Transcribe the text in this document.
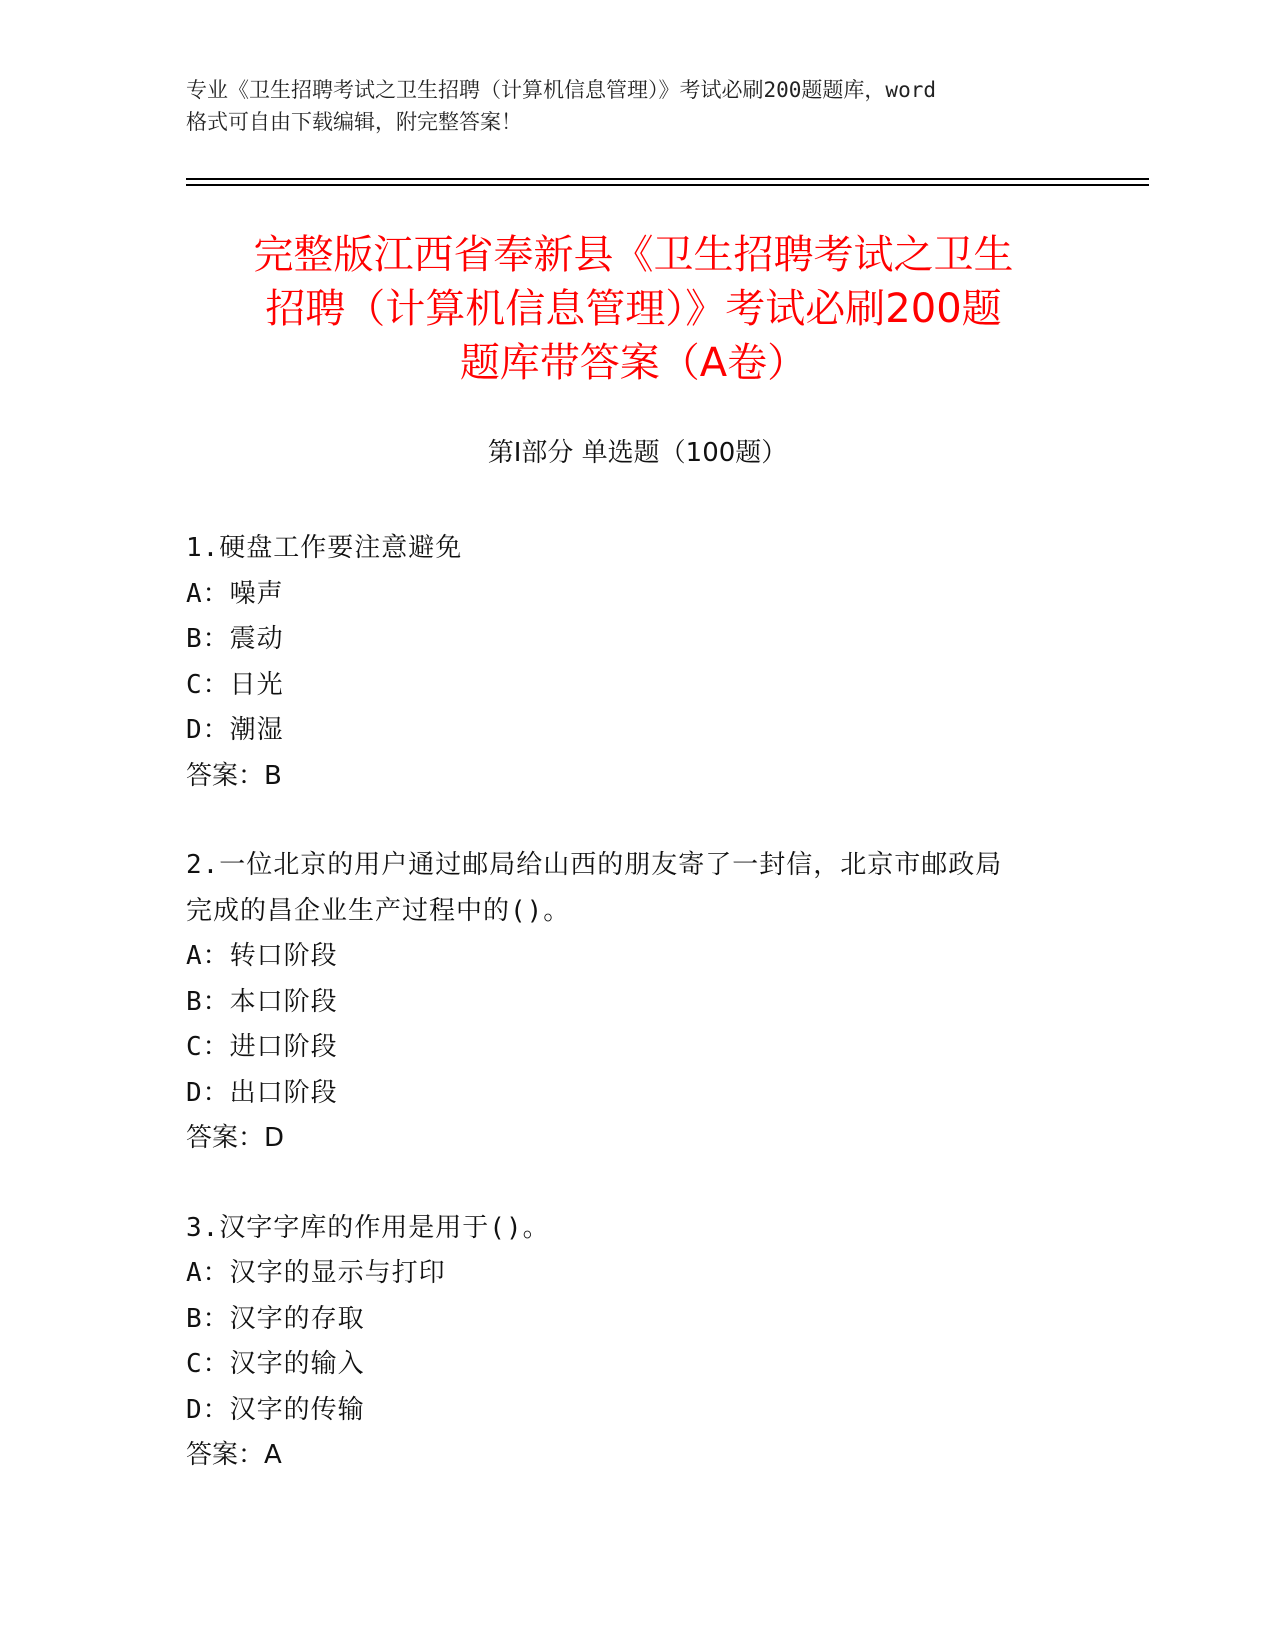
专业《卫生招聘考试之卫生招聘（计算机信息管理）》考试必刷200题题库，word
格式可自由下载编辑，附完整答案！
完整版江西省奉新县《卫生招聘考试之卫生
招聘（计算机信息管理）》考试必刷200题
题库带答案（A卷）
第Ⅰ部分 单选题（100题）

1.硬盘工作要注意避免

A：噪声

B：震动

C：日光

D：潮湿

答案：B

2.一位北京的用户通过邮局给山西的朋友寄了一封信，北京市邮政局

完成的昌企业生产过程中的()。

A：转口阶段

B：本口阶段

C：进口阶段

D：出口阶段

答案：D

3.汉字字库的作用是用于()。

A：汉字的显示与打印

B：汉字的存取

C：汉字的输入

D：汉字的传输

答案：A
